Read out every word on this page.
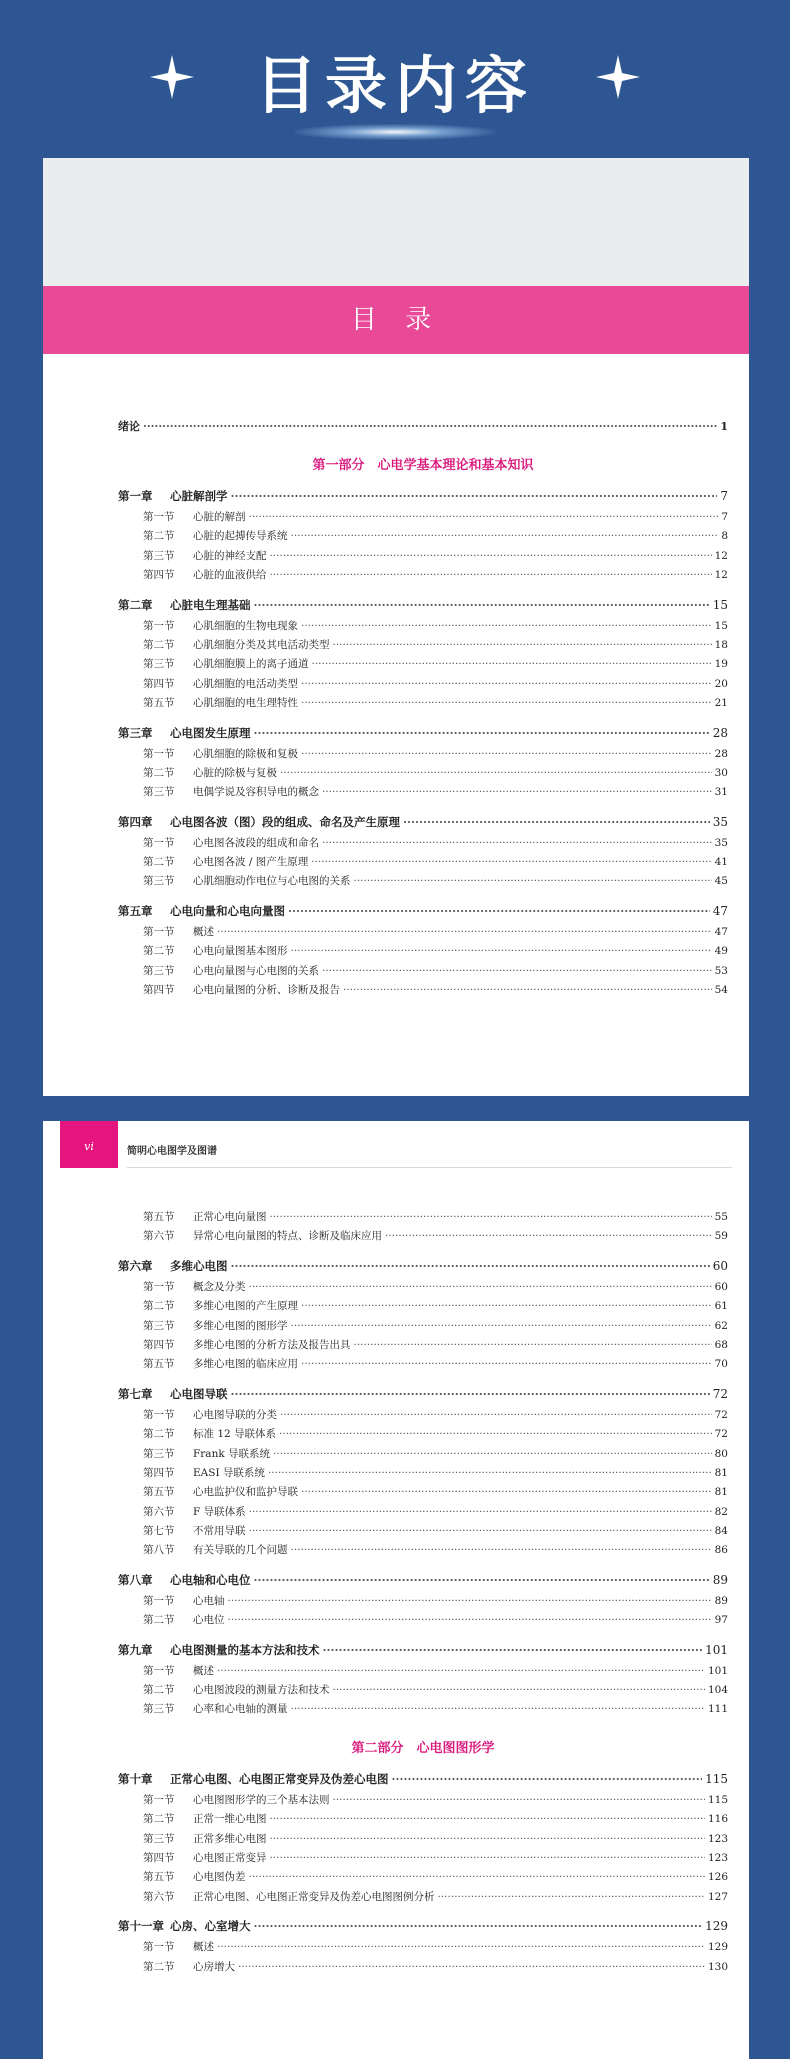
目录内容
目 录
绪论 ·····	1
第一部分　心电学基本理论和基本知识
第一章	心脏解剖学 ·····	7
第一节	心脏的解剖 ·····	7
第二节	心脏的起搏传导系统 ·····	8
第三节	心脏的神经支配 ·····	12
第四节	心脏的血液供给 ·····	12
第二章	心脏电生理基础 ·····	15
第一节	心肌细胞的生物电现象 ·····	15
第二节	心肌细胞分类及其电活动类型 ·····	18
第三节	心肌细胞膜上的离子通道 ·····	19
第四节	心肌细胞的电活动类型 ·····	20
第五节	心肌细胞的电生理特性 ·····	21
第三章	心电图发生原理 ·····	28
第一节	心肌细胞的除极和复极 ·····	28
第二节	心脏的除极与复极 ·····	30
第三节	电偶学说及容积导电的概念 ·····	31
第四章	心电图各波（图）段的组成、命名及产生原理 ·····	35
第一节	心电图各波段的组成和命名 ·····	35
第二节	心电图各波 / 图产生原理 ·····	41
第三节	心肌细胞动作电位与心电图的关系 ·····	45
第五章	心电向量和心电向量图 ·····	47
第一节	概述 ·····	47
第二节	心电向量图基本图形 ·····	49
第三节	心电向量图与心电图的关系 ·····	53
第四节	心电向量图的分析、诊断及报告 ·····	54
vi	简明心电图学及图谱
第五节	正常心电向量图 ·····	55
第六节	异常心电向量图的特点、诊断及临床应用 ·····	59
第六章	多维心电图 ·····	60
第一节	概念及分类 ·····	60
第二节	多维心电图的产生原理 ·····	61
第三节	多维心电图的图形学 ·····	62
第四节	多维心电图的分析方法及报告出具 ·····	68
第五节	多维心电图的临床应用 ·····	70
第七章	心电图导联 ·····	72
第一节	心电图导联的分类 ·····	72
第二节	标准 12 导联体系 ·····	72
第三节	Frank 导联系统 ·····	80
第四节	EASI 导联系统 ·····	81
第五节	心电监护仪和监护导联 ·····	81
第六节	F 导联体系 ·····	82
第七节	不常用导联 ·····	84
第八节	有关导联的几个问题 ·····	86
第八章	心电轴和心电位 ·····	89
第一节	心电轴 ·····	89
第二节	心电位 ·····	97
第九章	心电图测量的基本方法和技术 ·····	101
第一节	概述 ·····	101
第二节	心电图波段的测量方法和技术 ·····	104
第三节	心率和心电轴的测量 ·····	111
第二部分　心电图图形学
第十章	正常心电图、心电图正常变异及伪差心电图 ·····	115
第一节	心电图图形学的三个基本法则 ·····	115
第二节	正常一维心电图 ·····	116
第三节	正常多维心电图 ·····	123
第四节	心电图正常变异 ·····	123
第五节	心电图伪差 ·····	126
第六节	正常心电图、心电图正常变异及伪差心电图图例分析 ·····	127
第十一章 心房、心室增大 ·····	129
第一节	概述 ·····	129
第二节	心房增大 ·····	130
